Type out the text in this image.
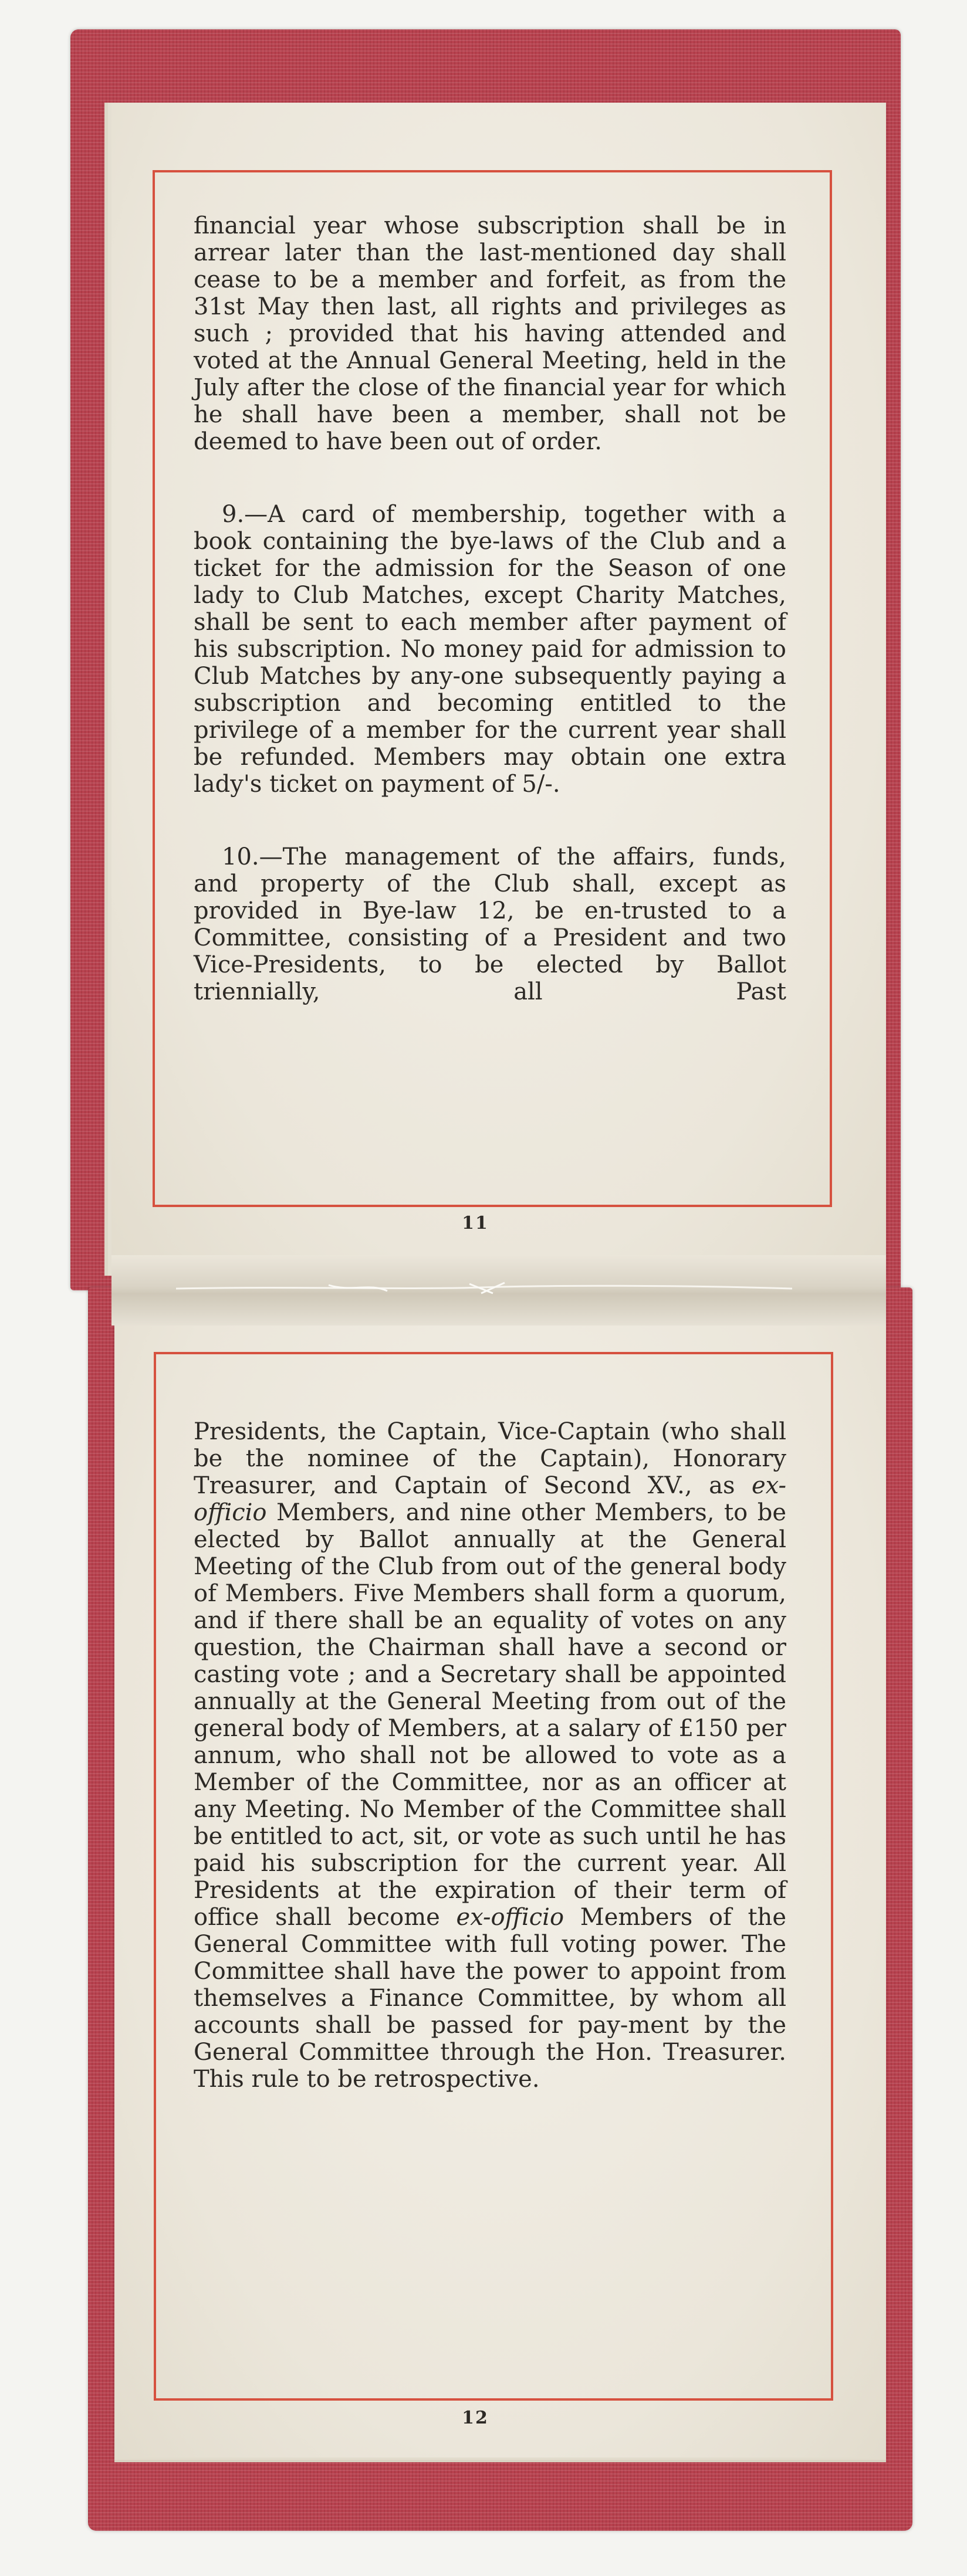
financial year whose subscription shall be in arrear later than the last-mentioned day shall cease to be a member and forfeit, as from the 31st May then last, all rights and privileges as such ; provided that his having attended and voted at the Annual General Meeting, held in the July after the close of the financial year for which he shall have been a member, shall not be deemed to have been out of order.

9.—A card of membership, together with a book containing the bye-laws of the Club and a ticket for the admission for the Season of one lady to Club Matches, except Charity Matches, shall be sent to each member after payment of his subscription. No money paid for admission to Club Matches by any-one subsequently paying a subscription and becoming entitled to the privilege of a member for the current year shall be refunded. Members may obtain one extra lady's ticket on payment of 5/-.

10.—The management of the affairs, funds, and property of the Club shall, except as provided in Bye-law 12, be en-trusted to a Committee, consisting of a President and two Vice-Presidents, to be elected by Ballot triennially, all Past

11

Presidents, the Captain, Vice-Captain (who shall be the nominee of the Captain), Honorary Treasurer, and Captain of Second XV., as ex-officio Members, and nine other Members, to be elected by Ballot annually at the General Meeting of the Club from out of the general body of Members. Five Members shall form a quorum, and if there shall be an equality of votes on any question, the Chairman shall have a second or casting vote ; and a Secretary shall be appointed annually at the General Meeting from out of the general body of Members, at a salary of £150 per annum, who shall not be allowed to vote as a Member of the Committee, nor as an officer at any Meeting. No Member of the Committee shall be entitled to act, sit, or vote as such until he has paid his subscription for the current year. All Presidents at the expiration of their term of office shall become ex-officio Members of the General Committee with full voting power. The Committee shall have the power to appoint from themselves a Finance Committee, by whom all accounts shall be passed for pay-ment by the General Committee through the Hon. Treasurer. This rule to be retrospective.

12
